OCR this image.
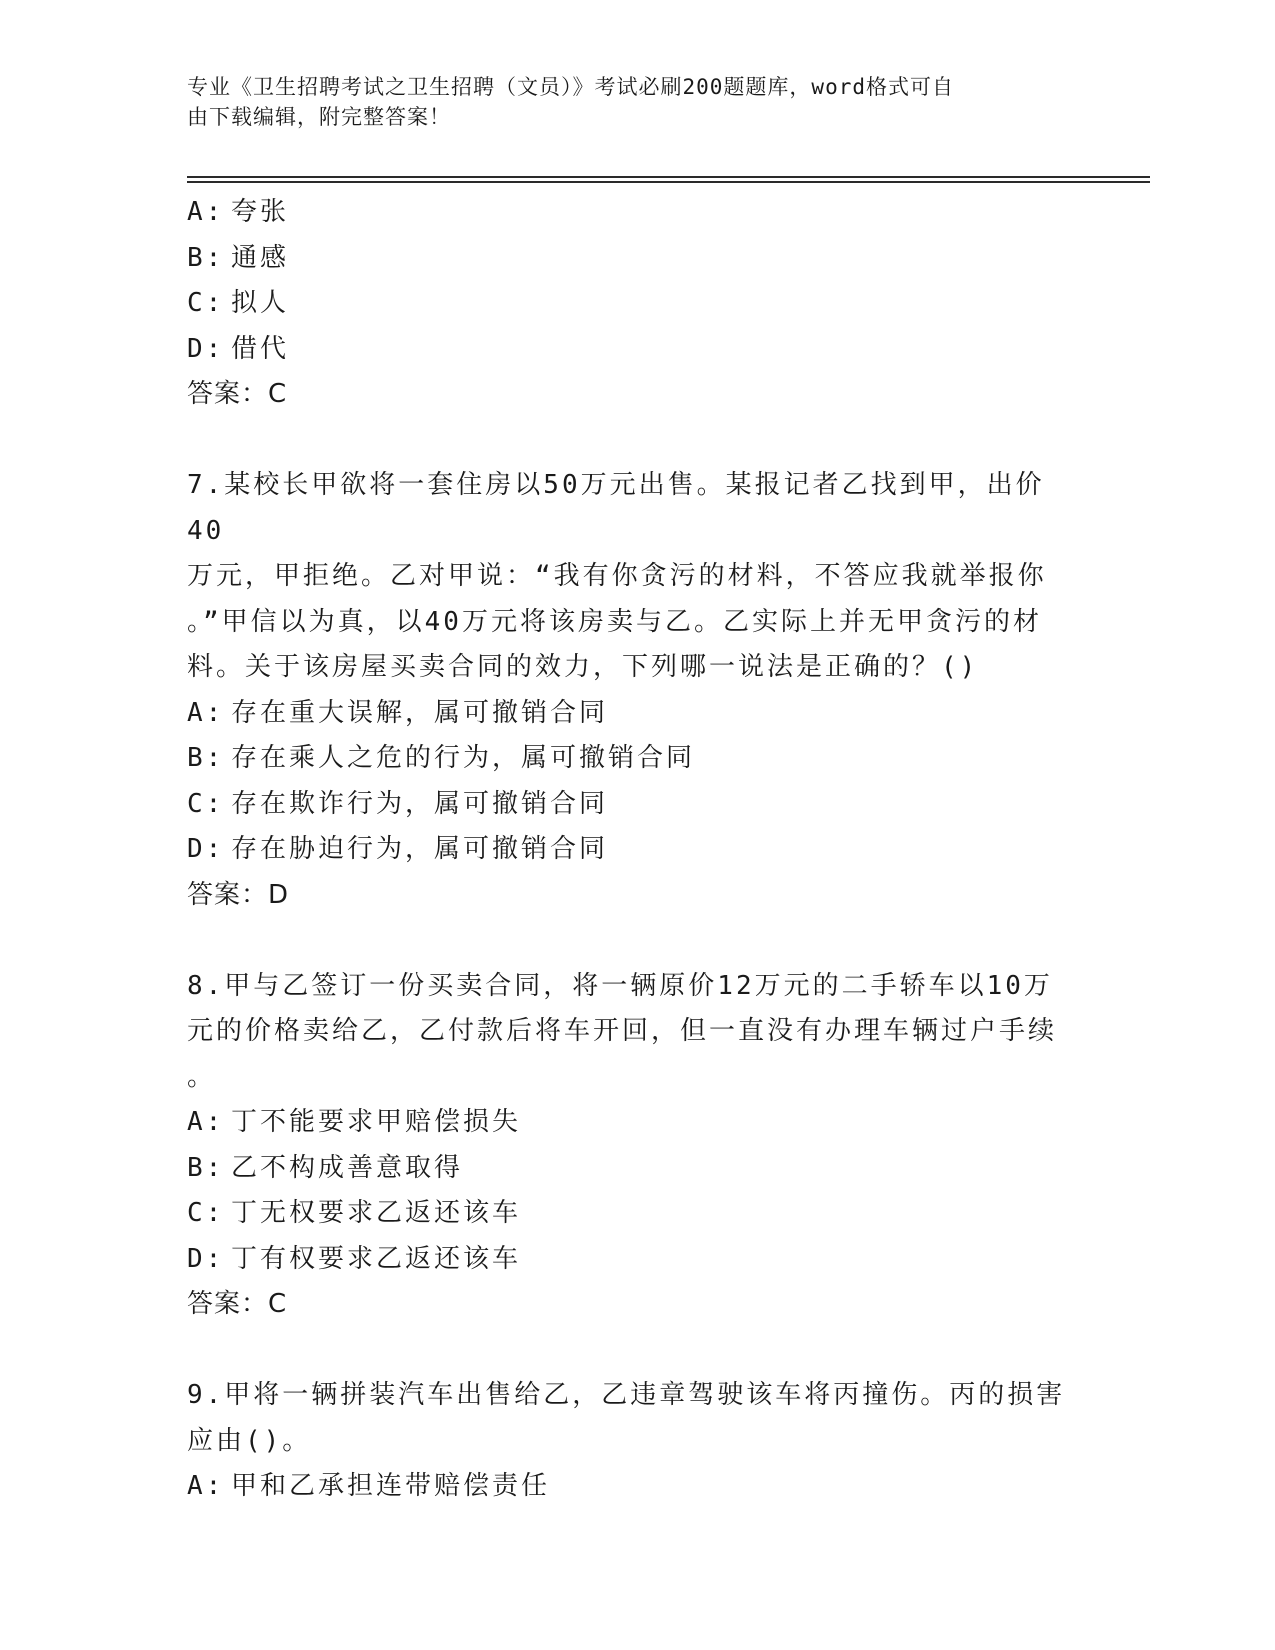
专业《卫生招聘考试之卫生招聘（文员）》考试必刷200题题库，word格式可自
由下载编辑，附完整答案！
A: 夸张
B: 通感
C: 拟人
D: 借代
答案：C
7.某校长甲欲将一套住房以50万元出售。某报记者乙找到甲，出价40
万元，甲拒绝。乙对甲说：“我有你贪污的材料，不答应我就举报你
。”甲信以为真，以40万元将该房卖与乙。乙实际上并无甲贪污的材
料。关于该房屋买卖合同的效力，下列哪一说法是正确的？()
A: 存在重大误解，属可撤销合同
B: 存在乘人之危的行为，属可撤销合同
C: 存在欺诈行为，属可撤销合同
D: 存在胁迫行为，属可撤销合同
答案：D
8.甲与乙签订一份买卖合同，将一辆原价12万元的二手轿车以10万
元的价格卖给乙，乙付款后将车开回，但一直没有办理车辆过户手续
。
A: 丁不能要求甲赔偿损失
B: 乙不构成善意取得
C: 丁无权要求乙返还该车
D: 丁有权要求乙返还该车
答案：C
9.甲将一辆拼装汽车出售给乙，乙违章驾驶该车将丙撞伤。丙的损害
应由()。
A: 甲和乙承担连带赔偿责任
